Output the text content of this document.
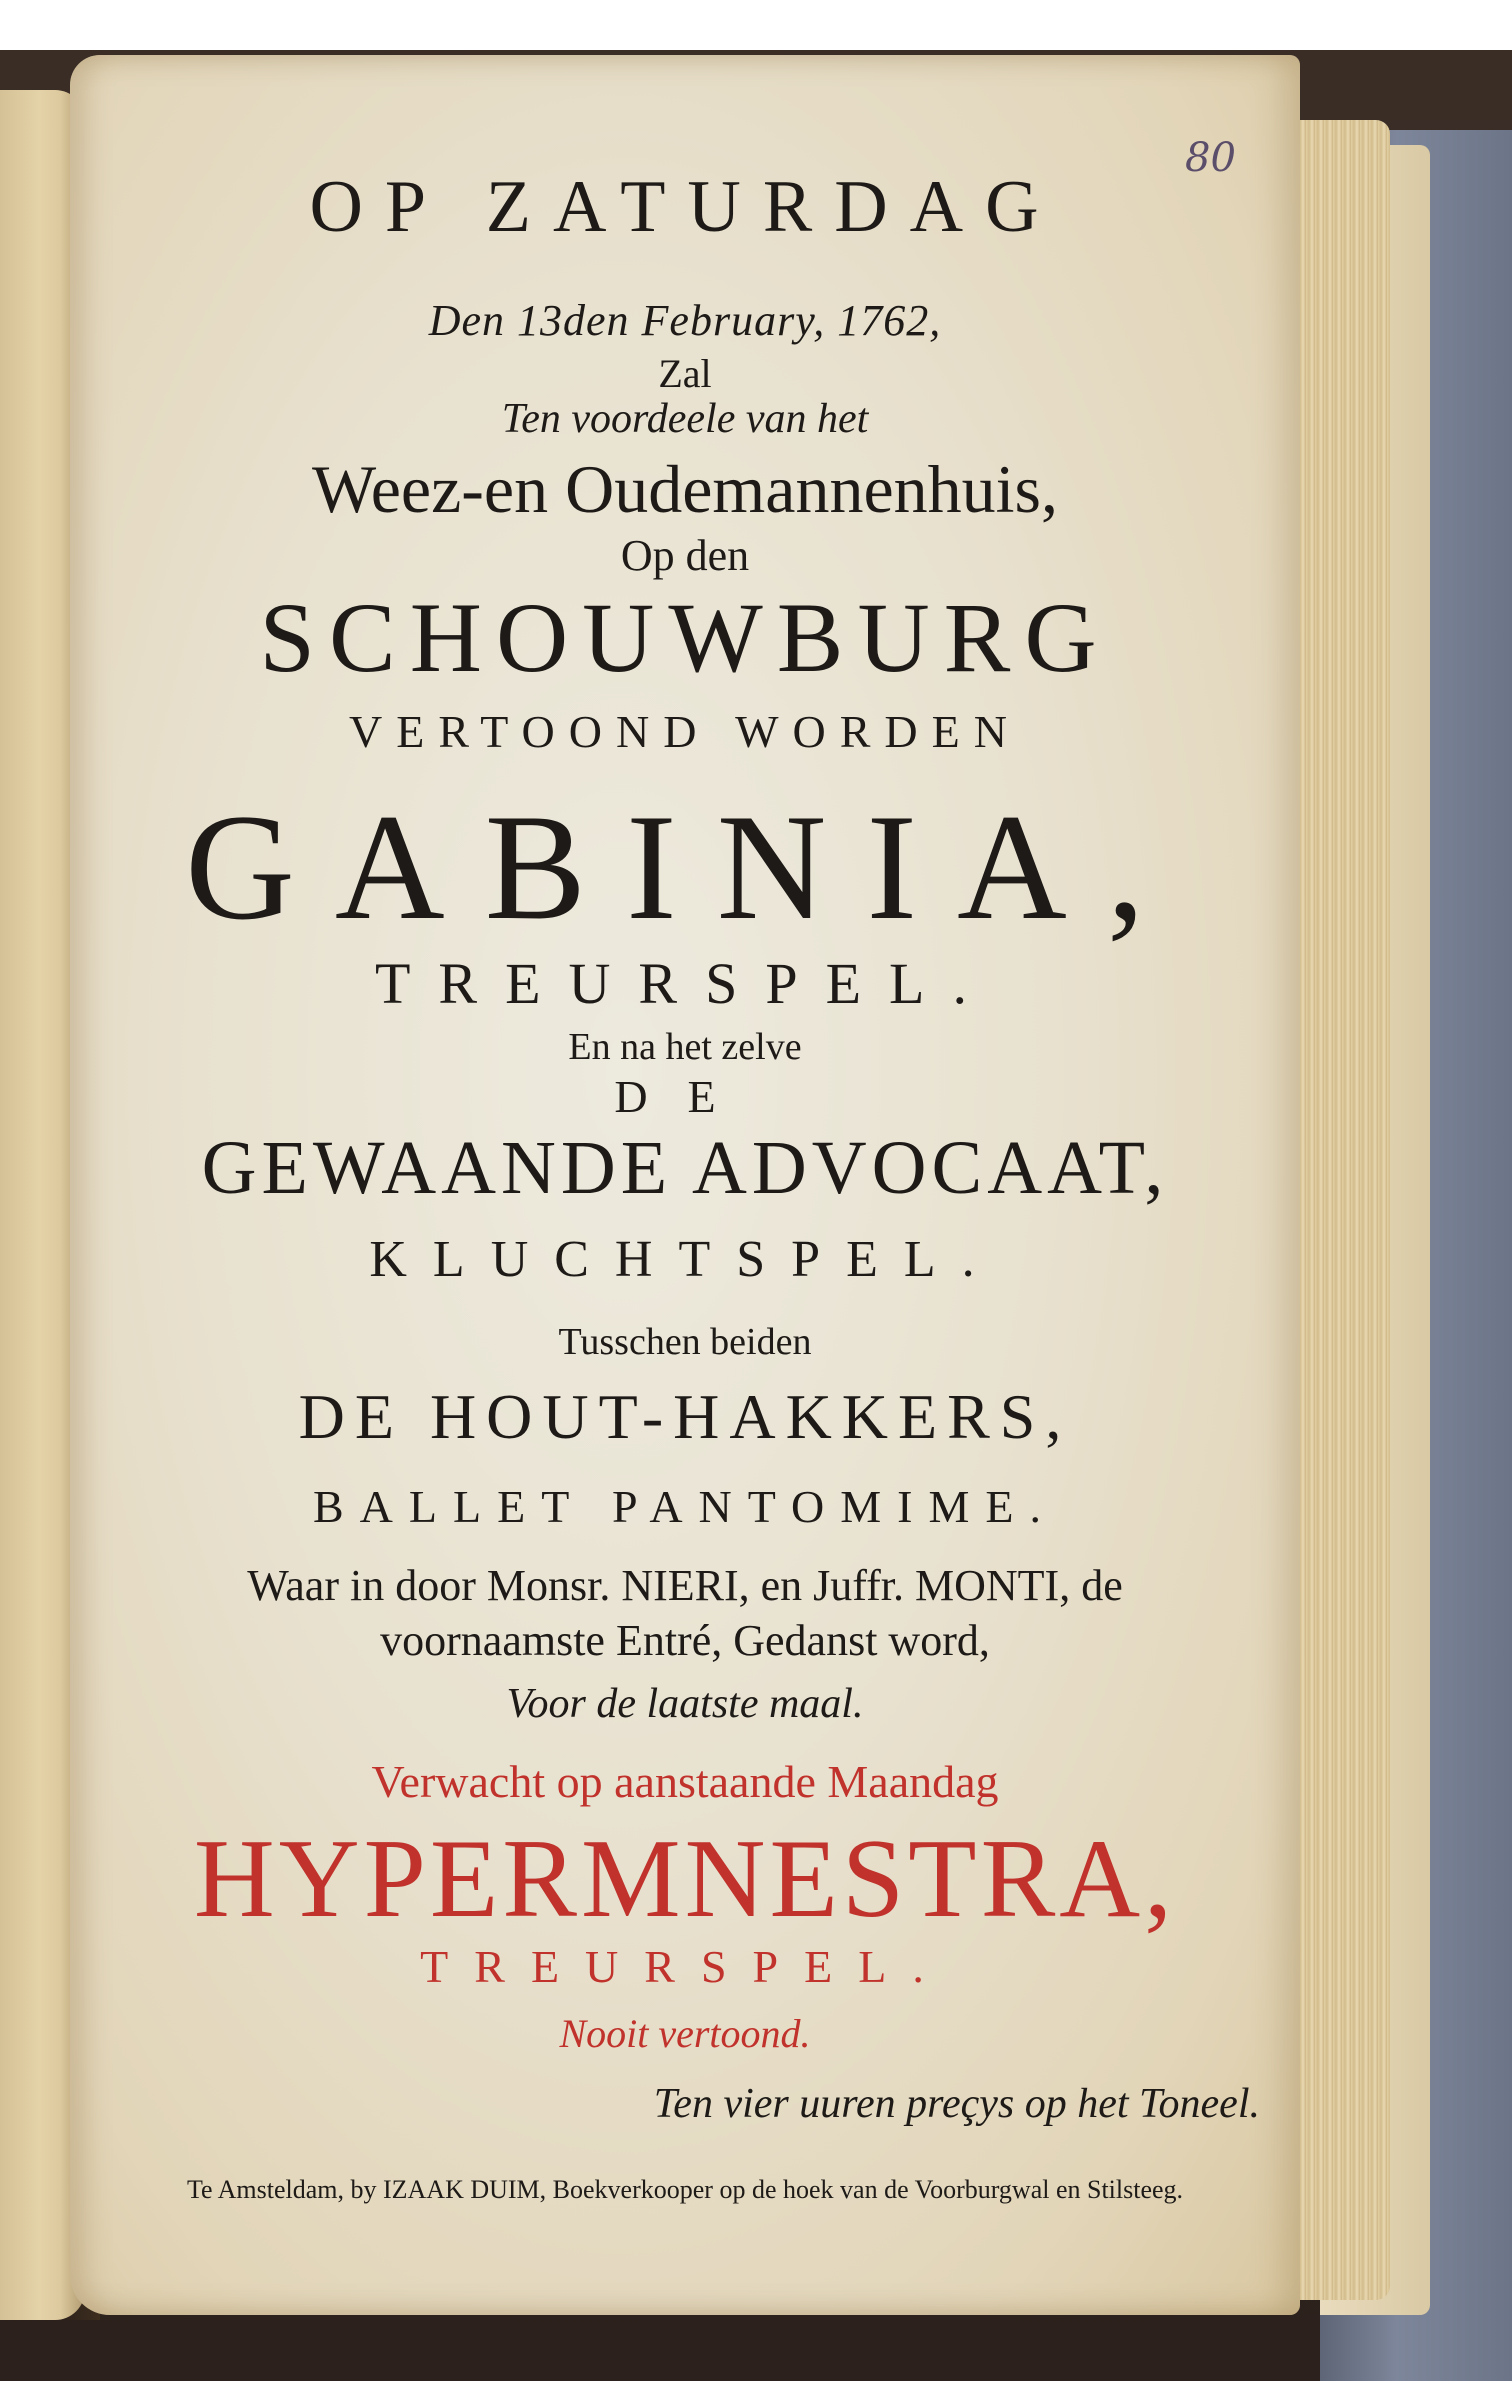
80
OP ZATURDAG
Den 13den February, 1762,
Zal
Ten voordeele van het
Weez-en Oudemannenhuis,
Op den
SCHOUWBURG
VERTOOND WORDEN
GABINIA,
TREURSPEL.
En na het zelve
DE
GEWAANDE ADVOCAAT,
KLUCHTSPEL.
Tusschen beiden
DE HOUT-HAKKERS,
BALLET PANTOMIME.
Waar in door Monsr. NIERI, en Juffr. MONTI, de
voornaamste Entré, Gedanst word,
Voor de laatste maal.
Verwacht op aanstaande Maandag
HYPERMNESTRA,
TREURSPEL.
Nooit vertoond.
Ten vier uuren preçys op het Toneel.
Te Amsteldam, by IZAAK DUIM, Boekverkooper op de hoek van de Voorburgwal en Stilsteeg.
